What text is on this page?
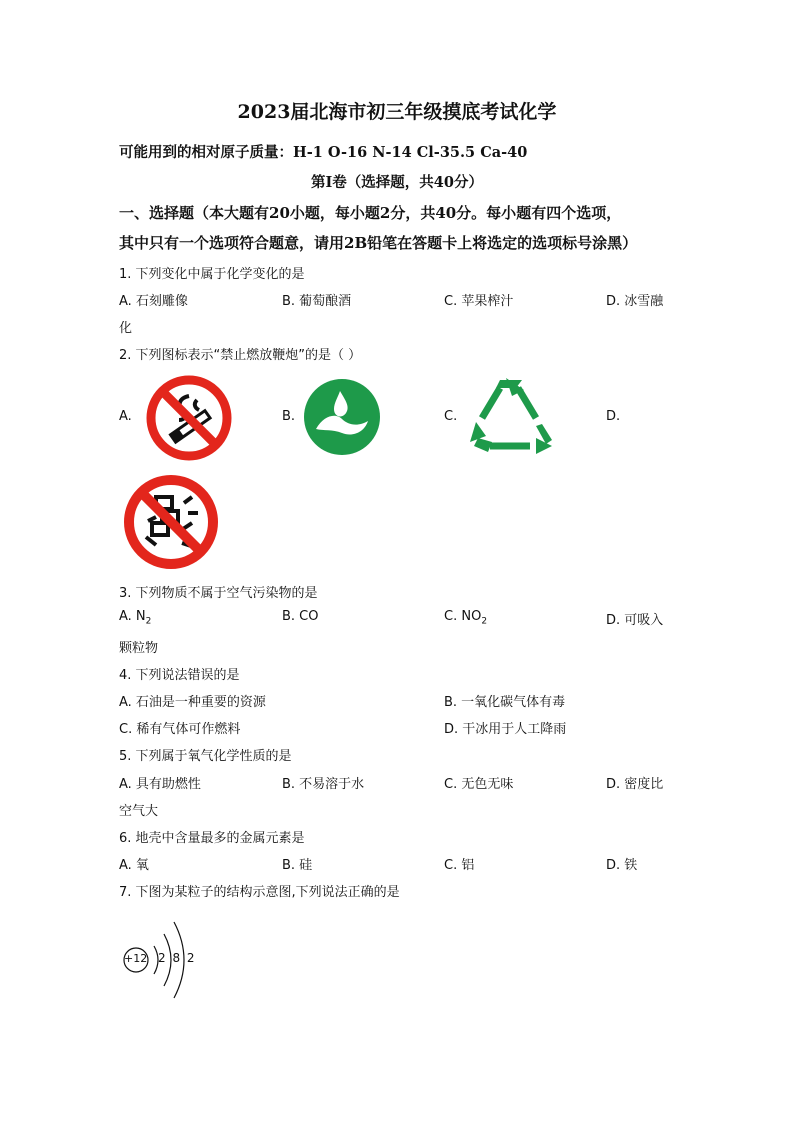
2023届北海市初三年级摸底考试化学
可能用到的相对原子质量：H-1 O-16 N-14 Cl-35.5 Ca-40
第I卷（选择题，共40分）
一、选择题（本大题有20小题，每小题2分，共40分。每小题有四个选项，
其中只有一个选项符合题意，请用2B铅笔在答题卡上将选定的选项标号涂黑）
1. 下列变化中属于化学变化的是
A. 石刻雕像	B. 葡萄酿酒	C. 苹果榨汁	D. 冰雪融
化
2. 下列图标表示“禁止燃放鞭炮”的是（ ）
A.	B.	C.	D.
3. 下列物质不属于空气污染物的是
A. $N_2$	B. CO	C. $NO_2$	D. 可吸入
颗粒物
4. 下列说法错误的是
A. 石油是一种重要的资源	B. 一氧化碳气体有毒
C. 稀有气体可作燃料	D. 干冰用于人工降雨
5. 下列属于氧气化学性质的是
A. 具有助燃性	B. 不易溶于水	C. 无色无味	D. 密度比
空气大
6. 地壳中含量最多的金属元素是
A. 氧	B. 硅	C. 铝	D. 铁
7. 下图为某粒子的结构示意图,下列说法正确的是
+12 2 8 2
